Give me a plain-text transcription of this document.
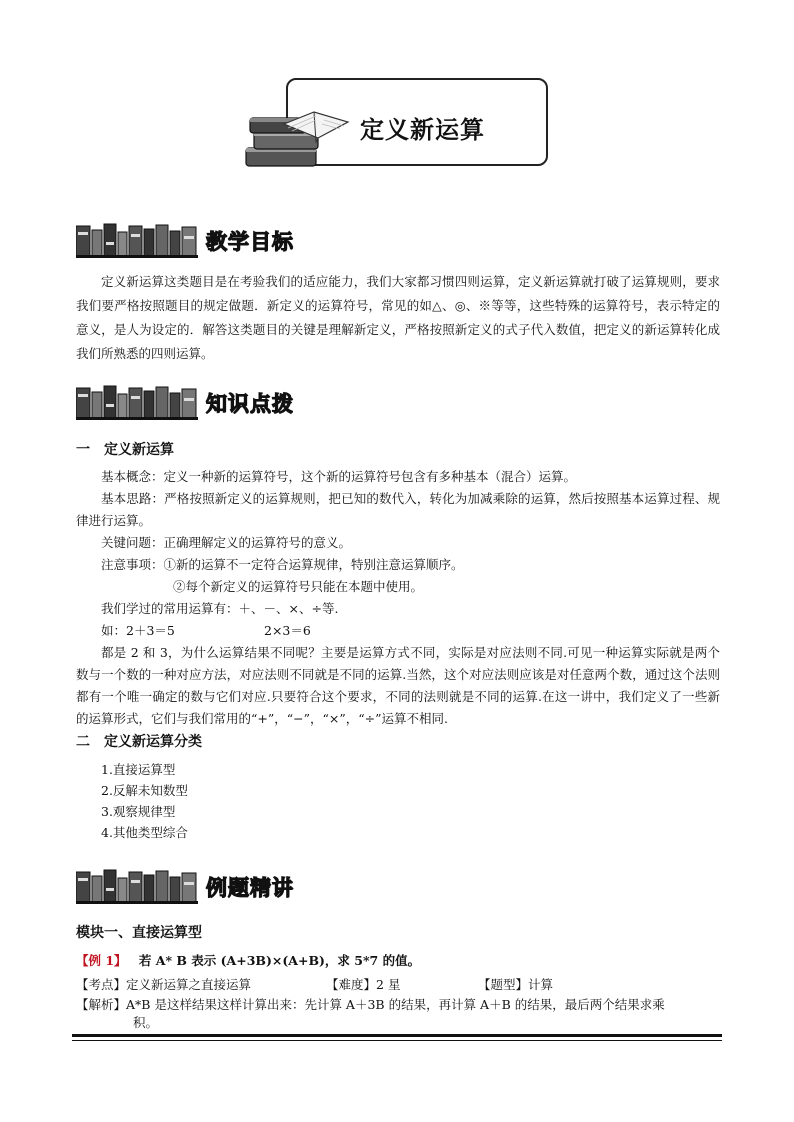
定义新运算
教学目标
定义新运算这类题目是在考验我们的适应能力，我们大家都习惯四则运算，定义新运算就打破了运算规则，要求我们要严格按照题目的规定做题．新定义的运算符号，常见的如△、◎、※等等，这些特殊的运算符号，表示特定的意义，是人为设定的．解答这类题目的关键是理解新定义，严格按照新定义的式子代入数值，把定义的新运算转化成我们所熟悉的四则运算。
知识点拨
一　定义新运算
基本概念：定义一种新的运算符号，这个新的运算符号包含有多种基本（混合）运算。
基本思路：严格按照新定义的运算规则，把已知的数代入，转化为加减乘除的运算，然后按照基本运算过程、规律进行运算。
关键问题：正确理解定义的运算符号的意义。
注意事项：①新的运算不一定符合运算规律，特别注意运算顺序。
②每个新定义的运算符号只能在本题中使用。
我们学过的常用运算有：＋、－、×、÷等.
如：2＋3＝5	2×3＝6
都是 2 和 3，为什么运算结果不同呢？主要是运算方式不同，实际是对应法则不同.可见一种运算实际就是两个数与一个数的一种对应方法，对应法则不同就是不同的运算.当然，这个对应法则应该是对任意两个数，通过这个法则都有一个唯一确定的数与它们对应.只要符合这个要求，不同的法则就是不同的运算.在这一讲中，我们定义了一些新的运算形式，它们与我们常用的“+”，“−”，“×”，“÷”运算不相同.
二　定义新运算分类
1.直接运算型
2.反解未知数型
3.观察规律型
4.其他类型综合
例题精讲
模块一、直接运算型
【例 1】 若 A* B 表示 (A+3B)×(A+B)，求 5*7 的值。
【考点】定义新运算之直接运算	【难度】2 星	【题型】计算
【解析】A*B 是这样结果这样计算出来：先计算 A＋3B 的结果，再计算 A＋B 的结果，最后两个结果求乘
积。
